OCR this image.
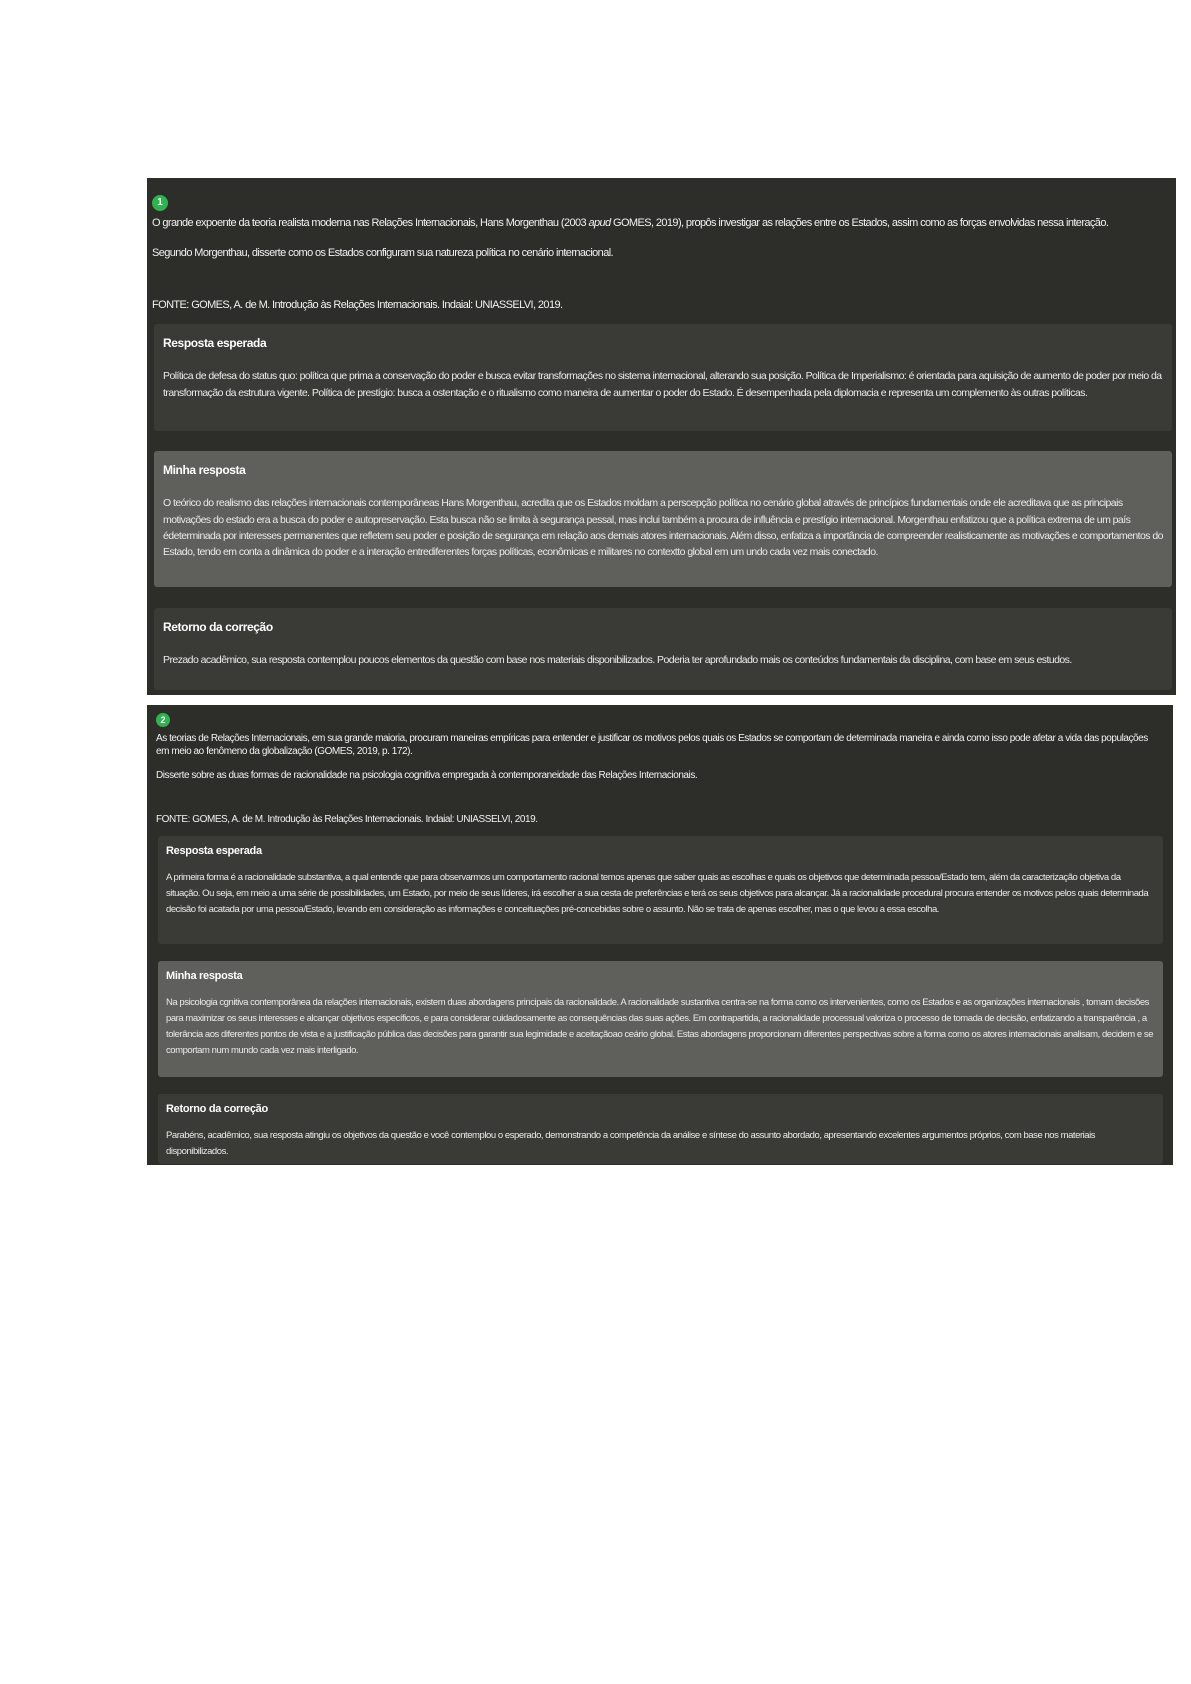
1

O grande expoente da teoria realista moderna nas Relações Internacionais, Hans Morgenthau (2003 apud GOMES, 2019), propôs investigar as relações entre os Estados, assim como as forças envolvidas nessa interação.

Segundo Morgenthau, disserte como os Estados configuram sua natureza política no cenário internacional.

FONTE: GOMES, A. de M. Introdução às Relações Internacionais. Indaial: UNIASSELVI, 2019.

Resposta esperada

Política de defesa do status quo: política que prima a conservação do poder e busca evitar transformações no sistema internacional, alterando sua posição. Política de Imperialismo: é orientada para aquisição de aumento de poder por meio da transformação da estrutura vigente. Política de prestígio: busca a ostentação e o ritualismo como maneira de aumentar o poder do Estado. É desempenhada pela diplomacia e representa um complemento às outras políticas.

Minha resposta

O teórico do realismo das relações internacionais contemporâneas Hans Morgenthau, acredita que os Estados moldam a perscepção política no cenário global através de princípios fundamentais onde ele acreditava que as principais motivações do estado era a busca do poder e autopreservação. Esta busca não se limita à segurança pessal, mas inclui também a procura de influência e prestígio internacional. Morgenthau enfatizou que a política extrema de um país édeterminada por interesses permanentes que refletem seu poder e posição de segurança em relação aos demais atores internacionais. Além disso, enfatiza a importância de compreender realisticamente as motivações e comportamentos do Estado, tendo em conta a dinâmica do poder e a interação entrediferentes forças políticas, econômicas e militares no contextto global em um undo cada vez mais conectado.

Retorno da correção

Prezado acadêmico, sua resposta contemplou poucos elementos da questão com base nos materiais disponibilizados. Poderia ter aprofundado mais os conteúdos fundamentais da disciplina, com base em seus estudos.

2

As teorias de Relações Internacionais, em sua grande maioria, procuram maneiras empíricas para entender e justificar os motivos pelos quais os Estados se comportam de determinada maneira e ainda como isso pode afetar a vida das populações em meio ao fenômeno da globalização (GOMES, 2019, p. 172).

Disserte sobre as duas formas de racionalidade na psicologia cognitiva empregada à contemporaneidade das Relações Internacionais.

FONTE: GOMES, A. de M. Introdução às Relações Internacionais. Indaial: UNIASSELVI, 2019.

Resposta esperada

A primeira forma é a racionalidade substantiva, a qual entende que para observarmos um comportamento racional temos apenas que saber quais as escolhas e quais os objetivos que determinada pessoa/Estado tem, além da caracterização objetiva da situação. Ou seja, em meio a uma série de possibilidades, um Estado, por meio de seus líderes, irá escolher a sua cesta de preferências e terá os seus objetivos para alcançar. Já a racionalidade procedural procura entender os motivos pelos quais determinada decisão foi acatada por uma pessoa/Estado, levando em consideração as informações e conceituações pré-concebidas sobre o assunto. Não se trata de apenas escolher, mas o que levou a essa escolha.

Minha resposta

Na psicologia cgnitiva contemporânea da relações internacionais, existem duas abordagens principais da racionalidade. A racionalidade sustantiva centra-se na forma como os intervenientes, como os Estados e as organizações internacionais , tomam decisões para maximizar os seus interesses e alcançar objetivos específicos, e para considerar cuidadosamente as consequências das suas ações. Em contrapartida, a racionalidade processual valoriza o processo de tomada de decisão, enfatizando a transparência , a tolerância aos diferentes pontos de vista e a justificação pública das decisões para garantir sua legimidade e aceitaçãoao ceário global. Estas abordagens proporcionam diferentes perspectivas sobre a forma como os atores internacionais analisam, decidem e se comportam num mundo cada vez mais interligado.

Retorno da correção

Parabéns, acadêmico, sua resposta atingiu os objetivos da questão e você contemplou o esperado, demonstrando a competência da análise e síntese do assunto abordado, apresentando excelentes argumentos próprios, com base nos materiais disponibilizados.
